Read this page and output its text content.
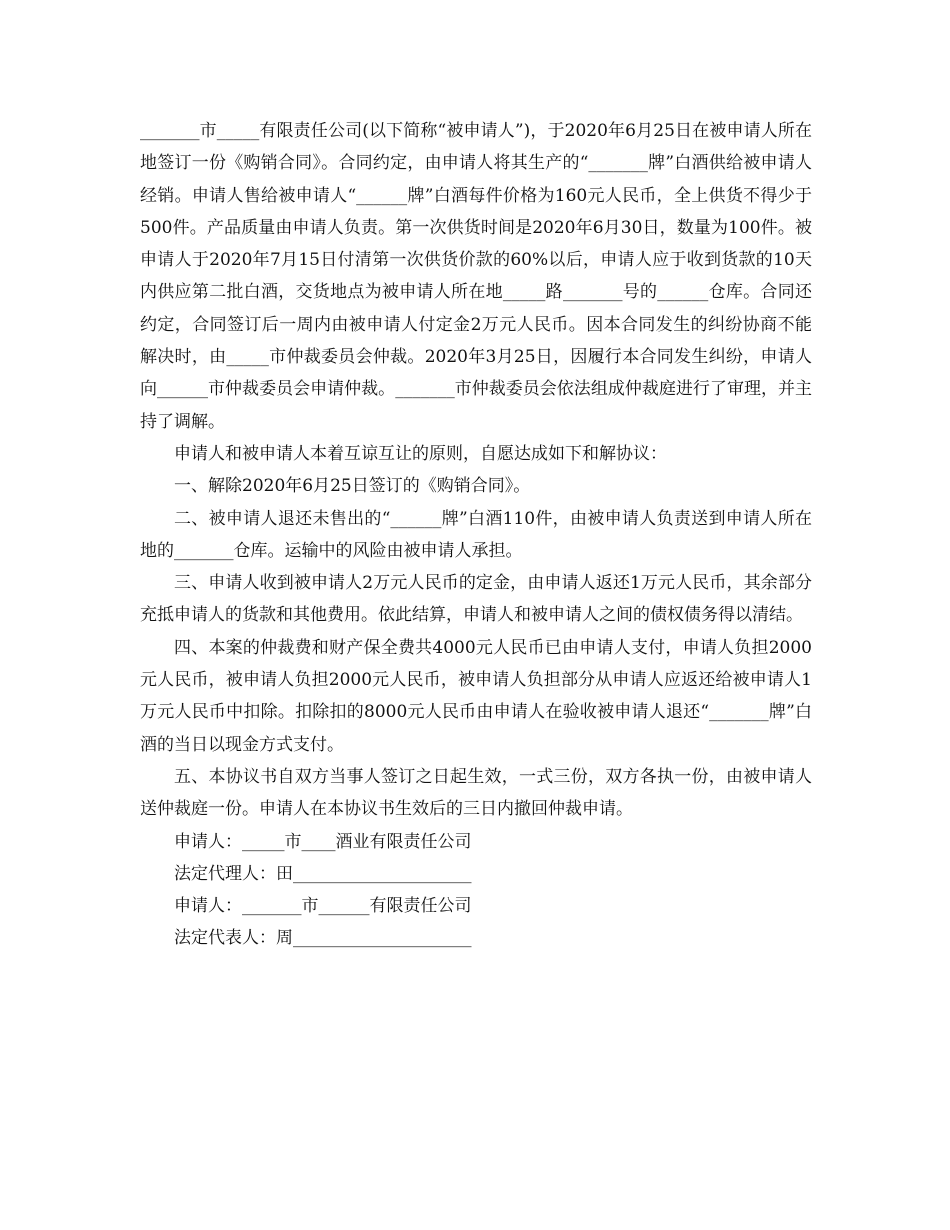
_______市_____有限责任公司(以下简称“被申请人”)，于2020年6月25日在被申请人所在地签订一份《购销合同》。合同约定，由申请人将其生产的“_______牌”白酒供给被申请人经销。申请人售给被申请人“______牌”白酒每件价格为160元人民币，全上供货不得少于500件。产品质量由申请人负责。第一次供货时间是2020年6月30日，数量为100件。被申请人于2020年7月15日付清第一次供货价款的60%以后，申请人应于收到货款的10天内供应第二批白酒，交货地点为被申请人所在地_____路_______号的______仓库。合同还约定，合同签订后一周内由被申请人付定金2万元人民币。因本合同发生的纠纷协商不能解决时，由_____市仲裁委员会仲裁。2020年3月25日，因履行本合同发生纠纷，申请人向______市仲裁委员会申请仲裁。_______市仲裁委员会依法组成仲裁庭进行了审理，并主持了调解。

申请人和被申请人本着互谅互让的原则，自愿达成如下和解协议：

一、解除2020年6月25日签订的《购销合同》。

二、被申请人退还未售出的“______牌”白酒110件，由被申请人负责送到申请人所在地的_______仓库。运输中的风险由被申请人承担。

三、申请人收到被申请人2万元人民币的定金，由申请人返还1万元人民币，其余部分充抵申请人的货款和其他费用。依此结算，申请人和被申请人之间的债权债务得以清结。

四、本案的仲裁费和财产保全费共4000元人民币已由申请人支付，申请人负担2000元人民币，被申请人负担2000元人民币，被申请人负担部分从申请人应返还给被申请人1万元人民币中扣除。扣除扣的8000元人民币由申请人在验收被申请人退还“_______牌”白酒的当日以现金方式支付。

五、本协议书自双方当事人签订之日起生效，一式三份，双方各执一份，由被申请人送仲裁庭一份。申请人在本协议书生效后的三日内撤回仲裁申请。

申请人：_____市____酒业有限责任公司

法定代理人：田_____________________

申请人：_______市______有限责任公司

法定代表人：周_____________________
